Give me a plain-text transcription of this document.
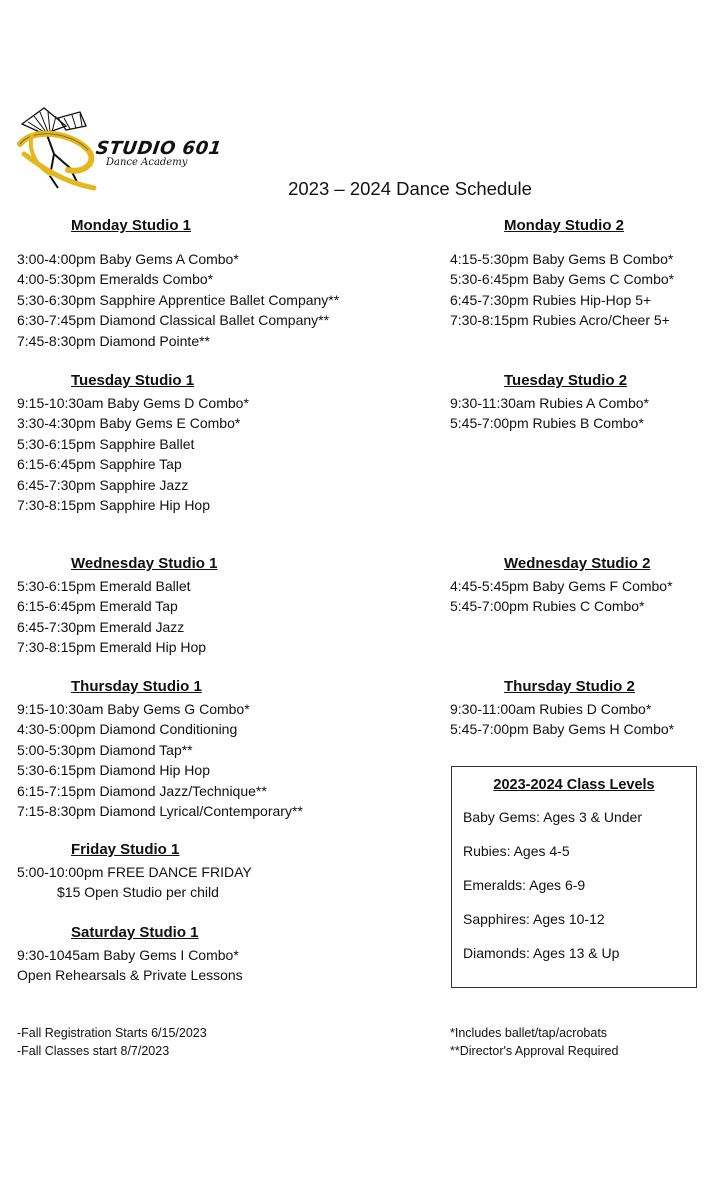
STUDIO 601
Dance Academy
2023 – 2024 Dance Schedule
Monday Studio 1
3:00-4:00pm Baby Gems A Combo*
4:00-5:30pm Emeralds Combo*
5:30-6:30pm Sapphire Apprentice Ballet Company**
6:30-7:45pm Diamond Classical Ballet Company**
7:45-8:30pm Diamond Pointe**
Tuesday Studio 1
9:15-10:30am Baby Gems D Combo*
3:30-4:30pm Baby Gems E Combo*
5:30-6:15pm Sapphire Ballet
6:15-6:45pm Sapphire Tap
6:45-7:30pm Sapphire Jazz
7:30-8:15pm Sapphire Hip Hop
Wednesday Studio 1
5:30-6:15pm Emerald Ballet
6:15-6:45pm Emerald Tap
6:45-7:30pm Emerald Jazz
7:30-8:15pm Emerald Hip Hop
Thursday Studio 1
9:15-10:30am Baby Gems G Combo*
4:30-5:00pm Diamond Conditioning
5:00-5:30pm Diamond Tap**
5:30-6:15pm Diamond Hip Hop
6:15-7:15pm Diamond Jazz/Technique**
7:15-8:30pm Diamond Lyrical/Contemporary**
Friday Studio 1
5:00-10:00pm FREE DANCE FRIDAY
$15 Open Studio per child
Saturday Studio 1
9:30-1045am Baby Gems I Combo*
Open Rehearsals & Private Lessons
Monday Studio 2
4:15-5:30pm Baby Gems B Combo*
5:30-6:45pm Baby Gems C Combo*
6:45-7:30pm Rubies Hip-Hop 5+
7:30-8:15pm Rubies Acro/Cheer 5+
Tuesday Studio 2
9:30-11:30am Rubies A Combo*
5:45-7:00pm Rubies B Combo*
Wednesday Studio 2
4:45-5:45pm Baby Gems F Combo*
5:45-7:00pm Rubies C Combo*
Thursday Studio 2
9:30-11:00am Rubies D Combo*
5:45-7:00pm Baby Gems H Combo*
2023-2024 Class Levels
Baby Gems: Ages 3 & Under
Rubies: Ages 4-5
Emeralds: Ages 6-9
Sapphires: Ages 10-12
Diamonds: Ages 13 & Up
-Fall Registration Starts 6/15/2023
-Fall Classes start 8/7/2023
*Includes ballet/tap/acrobats
**Director's Approval Required
